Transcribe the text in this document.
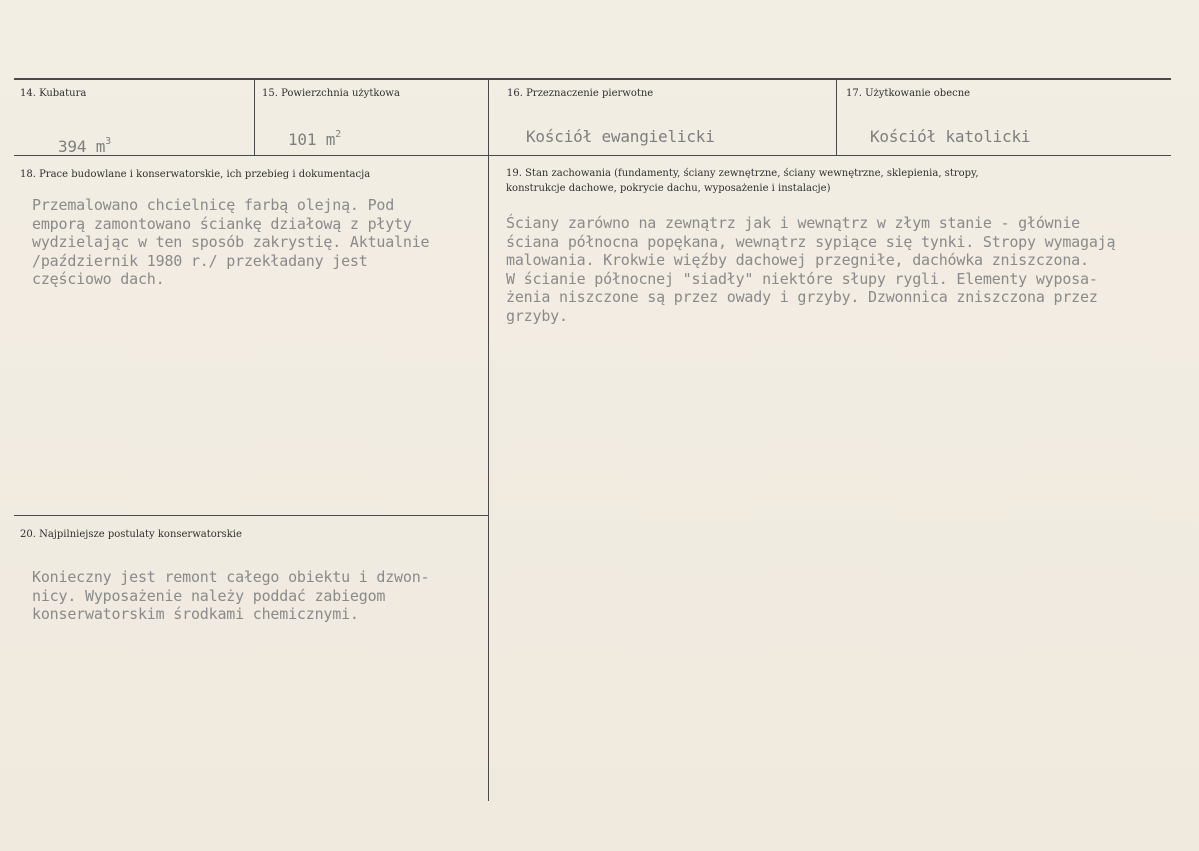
14. Kubatura
394 $m^3$
15. Powierzchnia użytkowa
101 $m^2$
16. Przeznaczenie pierwotne
Kościół ewangielicki
17. Użytkowanie obecne
Kościół katolicki
18. Prace budowlane i konserwatorskie, ich przebieg i dokumentacja
Przemalowano chcielnicę farbą olejną. Pod
emporą zamontowano ściankę działową z płyty
wydzielając w ten sposób zakrystię. Aktualnie
/październik 1980 r./ przekładany jest
częściowo dach.
19. Stan zachowania (fundamenty, ściany zewnętrzne, ściany wewnętrzne, sklepienia, stropy,
konstrukcje dachowe, pokrycie dachu, wyposażenie i instalacje)
Ściany zarówno na zewnątrz jak i wewnątrz w złym stanie - głównie
ściana północna popękana, wewnątrz sypiące się tynki. Stropy wymagają
malowania. Krokwie więźby dachowej przegniłe, dachówka zniszczona.
W ścianie północnej "siadły" niektóre słupy rygli. Elementy wyposa-
żenia niszczone są przez owady i grzyby. Dzwonnica zniszczona przez
grzyby.
20. Najpilniejsze postulaty konserwatorskie
Konieczny jest remont całego obiektu i dzwon-
nicy. Wyposażenie należy poddać zabiegom
konserwatorskim środkami chemicznymi.
